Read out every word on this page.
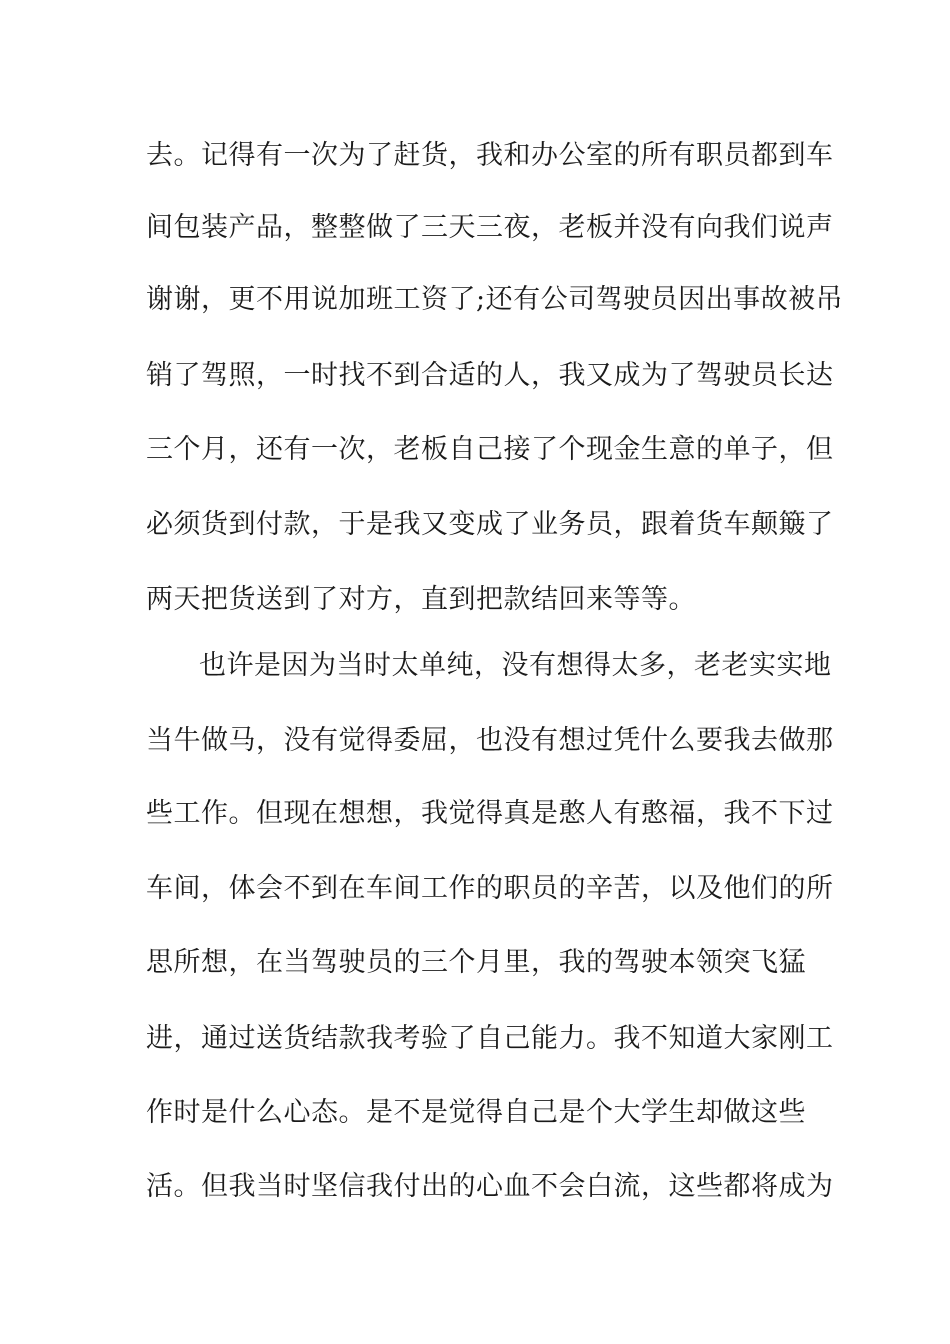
去。记得有一次为了赶货，我和办公室的所有职员都到车
间包装产品，整整做了三天三夜，老板并没有向我们说声
谢谢，更不用说加班工资了;还有公司驾驶员因出事故被吊
销了驾照，一时找不到合适的人，我又成为了驾驶员长达
三个月，还有一次，老板自己接了个现金生意的单子，但
必须货到付款，于是我又变成了业务员，跟着货车颠簸了
两天把货送到了对方，直到把款结回来等等。
也许是因为当时太单纯，没有想得太多，老老实实地
当牛做马，没有觉得委屈，也没有想过凭什么要我去做那
些工作。但现在想想，我觉得真是憨人有憨福，我不下过
车间，体会不到在车间工作的职员的辛苦，以及他们的所
思所想，在当驾驶员的三个月里，我的驾驶本领突飞猛
进，通过送货结款我考验了自己能力。我不知道大家刚工
作时是什么心态。是不是觉得自己是个大学生却做这些
活。但我当时坚信我付出的心血不会白流，这些都将成为
